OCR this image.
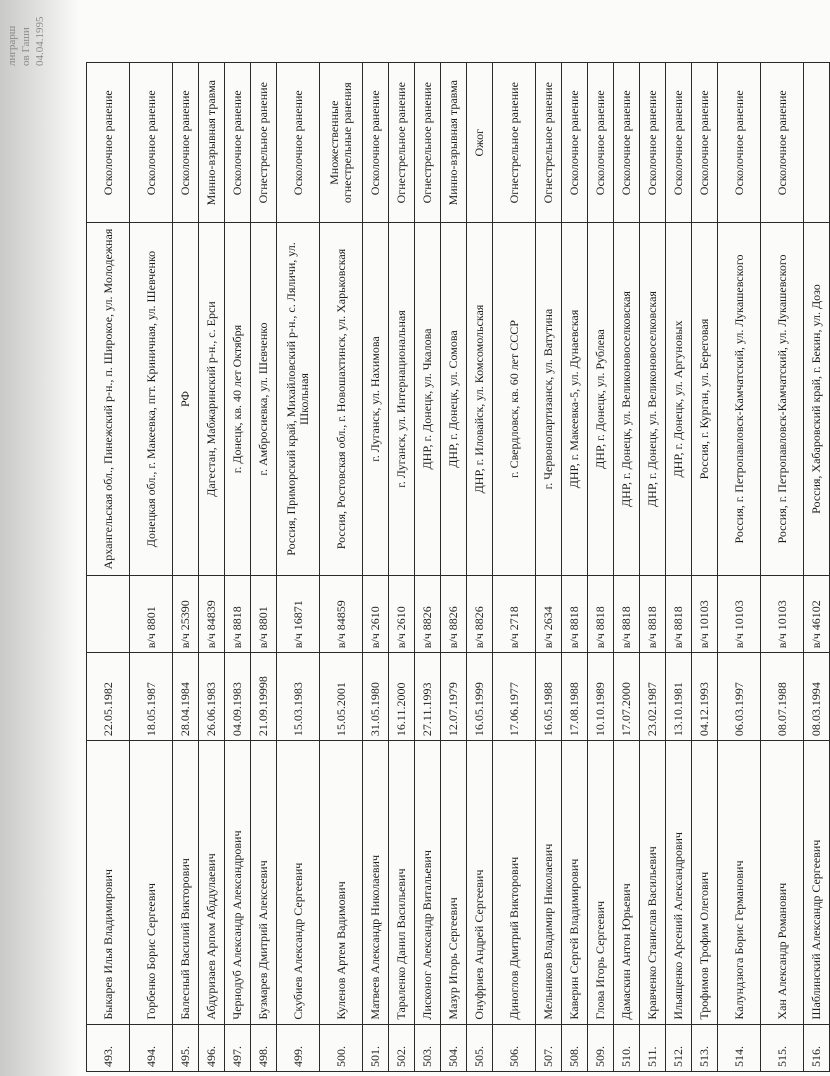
лнграрш ов Гаши 04.04.1995
493.	Быкарев Илья Владимирович	22.05.1982		Архангельская обл., Пинежский р-н., п. Широкое, ул. Молодежная	Осколочное ранение
494.	Горбенко Борис Сергеевич	18.05.1987	в/ч 8801	Донецкая обл., г. Макеевка, пгт. Криничная, ул. Шевченко	Осколочное ранение
495.	Балесный Василий Викторович	28.04.1984	в/ч 25390	РФ	Осколочное ранение
496.	Абдуризаев Арпом Абддулаевич	26.06.1983	в/ч 84839	Дагестан, Мабжаринский р-н., с. Ерси	Минно-взрывная травма
497.	Чернодуб Александр Александрович	04.09.1983	в/ч 8818	г. Донецк, кв. 40 лет Октября	Осколочное ранение
498.	Бузмарев Дмитрий Алексеевич	21.09.19998	в/ч 8801	г. Амбросиевка, ул. Шевченко	Огнестрельное ранение
499.	Скубиев Александр Сергеевич	15.03.1983	в/ч 16871	Россия, Приморский край, Михайловский р-н., с. Ляличи, ул. Школьная	Осколочное ранение
500.	Куленов Артем Вадимович	15.05.2001	в/ч 84859	Россия, Ростовская обл., г. Новошахтинск, ул. Харьковская	Множественные огнестрельные ранения
501.	Матвеев Александр Николаевич	31.05.1980	в/ч 2610	г. Луганск, ул. Нахимова	Осколочное ранение
502.	Тараленко Данил Васильевич	16.11.2000	в/ч 2610	г. Луганск, ул. Интернациональная	Огнестрельное ранение
503.	Лисконог Александр Витальевич	27.11.1993	в/ч 8826	ДНР, г. Донецк, ул. Чкалова	Огнестрельное ранение
504.	Мазур Игорь Сергеевич	12.07.1979	в/ч 8826	ДНР, г. Донецк, ул. Сомова	Минно-взрывная травма
505.	Онуфриев Андрей Сергеевич	16.05.1999	в/ч 8826	ДНР, г. Иловайск, ул. Комсомольская	Ожог
506.	Диноглов Дмитрий Викторович	17.06.1977	в/ч 2718	г. Свердловск, кв. 60 лет СССР	Огнестрельное ранение
507.	Мельников Владимир Николаевич	16.05.1988	в/ч 2634	г. Червонопартизанск, ул. Ватутина	Огнестрельное ранение
508.	Каверин Сергей Владимирович	17.08.1988	в/ч 8818	ДНР, г. Макеевка-5, ул. Дунаевская	Осколочное ранение
509.	Глова Игорь Сергеевич	10.10.1989	в/ч 8818	ДНР, г. Донецк, ул. Рублева	Осколочное ранение
510.	Дамаскин Антон Юрьевич	17.07.2000	в/ч 8818	ДНР, г. Донецк, ул. Великоновоселковская	Осколочное ранение
511.	Кравченко Станислав Васильевич	23.02.1987	в/ч 8818	ДНР, г. Донецк, ул. Великоновоселковская	Осколочное ранение
512.	Ильященко Арсений Александрович	13.10.1981	в/ч 8818	ДНР, г. Донецк, ул. Аргуновых	Осколочное ранение
513.	Трофимов Трофим Олегович	04.12.1993	в/ч 10103	Россия, г. Курган, ул. Береговая	Осколочное ранение
514.	Калундзюга Борис Германович	06.03.1997	в/ч 10103	Россия, г. Петропавловск-Камчатский, ул. Лукашевского	Осколочное ранение
515.	Хан Александр Романович	08.07.1988	в/ч 10103	Россия, г. Петропавловск-Камчатский, ул. Лукашевского	Осколочное ранение
516.	Шаблинский Александр Сергеевич	08.03.1994	в/ч 46102	Россия, Хабаровский край, г. Бекин, ул. Дозо	
